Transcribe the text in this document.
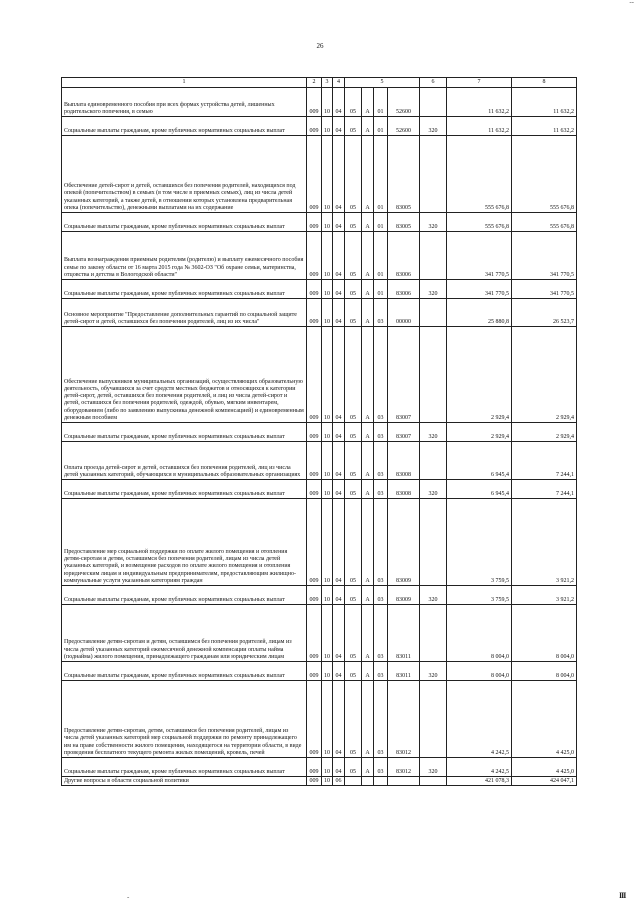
26
--
1	2	3	4	5				6	7	8
Выплата единовременного пособия при всех формах устройства детей, лишенных родительского попечения, в семью	009	10	04	05	A	01	52600		11 632,2	11 632,2
Социальные выплаты гражданам, кроме публичных нормативных социальных выплат	009	10	04	05	A	01	52600	320	11 632,2	11 632,2
Обеспечение детей-сирот и детей, оставшихся без попечения родителей, находящихся под опекой (попечительством) в семьях (в том числе в приемных семьях), лиц из числа детей указанных категорий, а также детей, в отношении которых установлена предварительная опека (попечительство), денежными выплатами на их содержание	009	10	04	05	A	01	83005		555 676,8	555 676,8
Социальные выплаты гражданам, кроме публичных нормативных социальных выплат	009	10	04	05	A	01	83005	320	555 676,8	555 676,8
Выплата вознаграждения приемным родителям (родителю) и выплату ежемесячного пособия семье по закону области от 16 марта 2015 года № 3602-ОЗ "Об охране семьи, материнства, отцовства и детства в Вологодской области"	009	10	04	05	A	01	83006		341 770,5	341 770,5
Социальные выплаты гражданам, кроме публичных нормативных социальных выплат	009	10	04	05	A	01	83006	320	341 770,5	341 770,5
Основное мероприятие "Предоставление дополнительных гарантий по социальной защите детей-сирот и детей, оставшихся без попечения родителей, лиц из их числа"	009	10	04	05	A	03	00000		25 880,8	26 523,7
Обеспечение выпускников муниципальных организаций, осуществляющих образовательную деятельность, обучавшихся за счет средств местных бюджетов и относящихся к категории детей-сирот, детей, оставшихся без попечения родителей, и лиц из числа детей-сирот и детей, оставшихся без попечения родителей, одеждой, обувью, мягким инвентарем, оборудованием (либо по заявлению выпускника денежной компенсацией) и единовременным денежным пособием	009	10	04	05	A	03	83007		2 929,4	2 929,4
Социальные выплаты гражданам, кроме публичных нормативных социальных выплат	009	10	04	05	A	03	83007	320	2 929,4	2 929,4
Оплата проезда детей-сирот и детей, оставшихся без попечения родителей, лиц из числа детей указанных категорий, обучающихся в муниципальных образовательных организациях	009	10	04	05	A	03	83008		6 945,4	7 244,1
Социальные выплаты гражданам, кроме публичных нормативных социальных выплат	009	10	04	05	A	03	83008	320	6 945,4	7 244,1
Предоставление мер социальной поддержки по оплате жилого помещения и отопления детям-сиротам и детям, оставшимся без попечения родителей, лицам из числа детей указанных категорий, и возмещение расходов по оплате жилого помещения и отопления юридическим лицам и индивидуальным предпринимателям, предоставляющим жилищно-коммунальные услуги указанным категориям граждан	009	10	04	05	A	03	83009		3 759,5	3 921,2
Социальные выплаты гражданам, кроме публичных нормативных социальных выплат	009	10	04	05	A	03	83009	320	3 759,5	3 921,2
Предоставление детям-сиротам и детям, оставшимся без попечения родителей, лицам из числа детей указанных категорий ежемесячной денежной компенсации оплаты найма (поднайма) жилого помещения, принадлежащего гражданам или юридическим лицам	009	10	04	05	A	03	83011		8 004,0	8 004,0
Социальные выплаты гражданам, кроме публичных нормативных социальных выплат	009	10	04	05	A	03	83011	320	8 004,0	8 004,0
Предоставление детям-сиротам, детям, оставшимся без попечения родителей, лицам из числа детей указанных категорий мер социальной поддержки по ремонту принадлежащего им на праве собственности жилого помещения, находящегося на территории области, в виде проведения бесплатного текущего ремонта жилых помещений, кровель, печей	009	10	04	05	A	03	83012		4 242,5	4 425,0
Социальные выплаты гражданам, кроме публичных нормативных социальных выплат	009	10	04	05	A	03	83012	320	4 242,5	4 425,0
Другие вопросы в области социальной политики	009	10	06						421 078,3	424 047,1
-	III
